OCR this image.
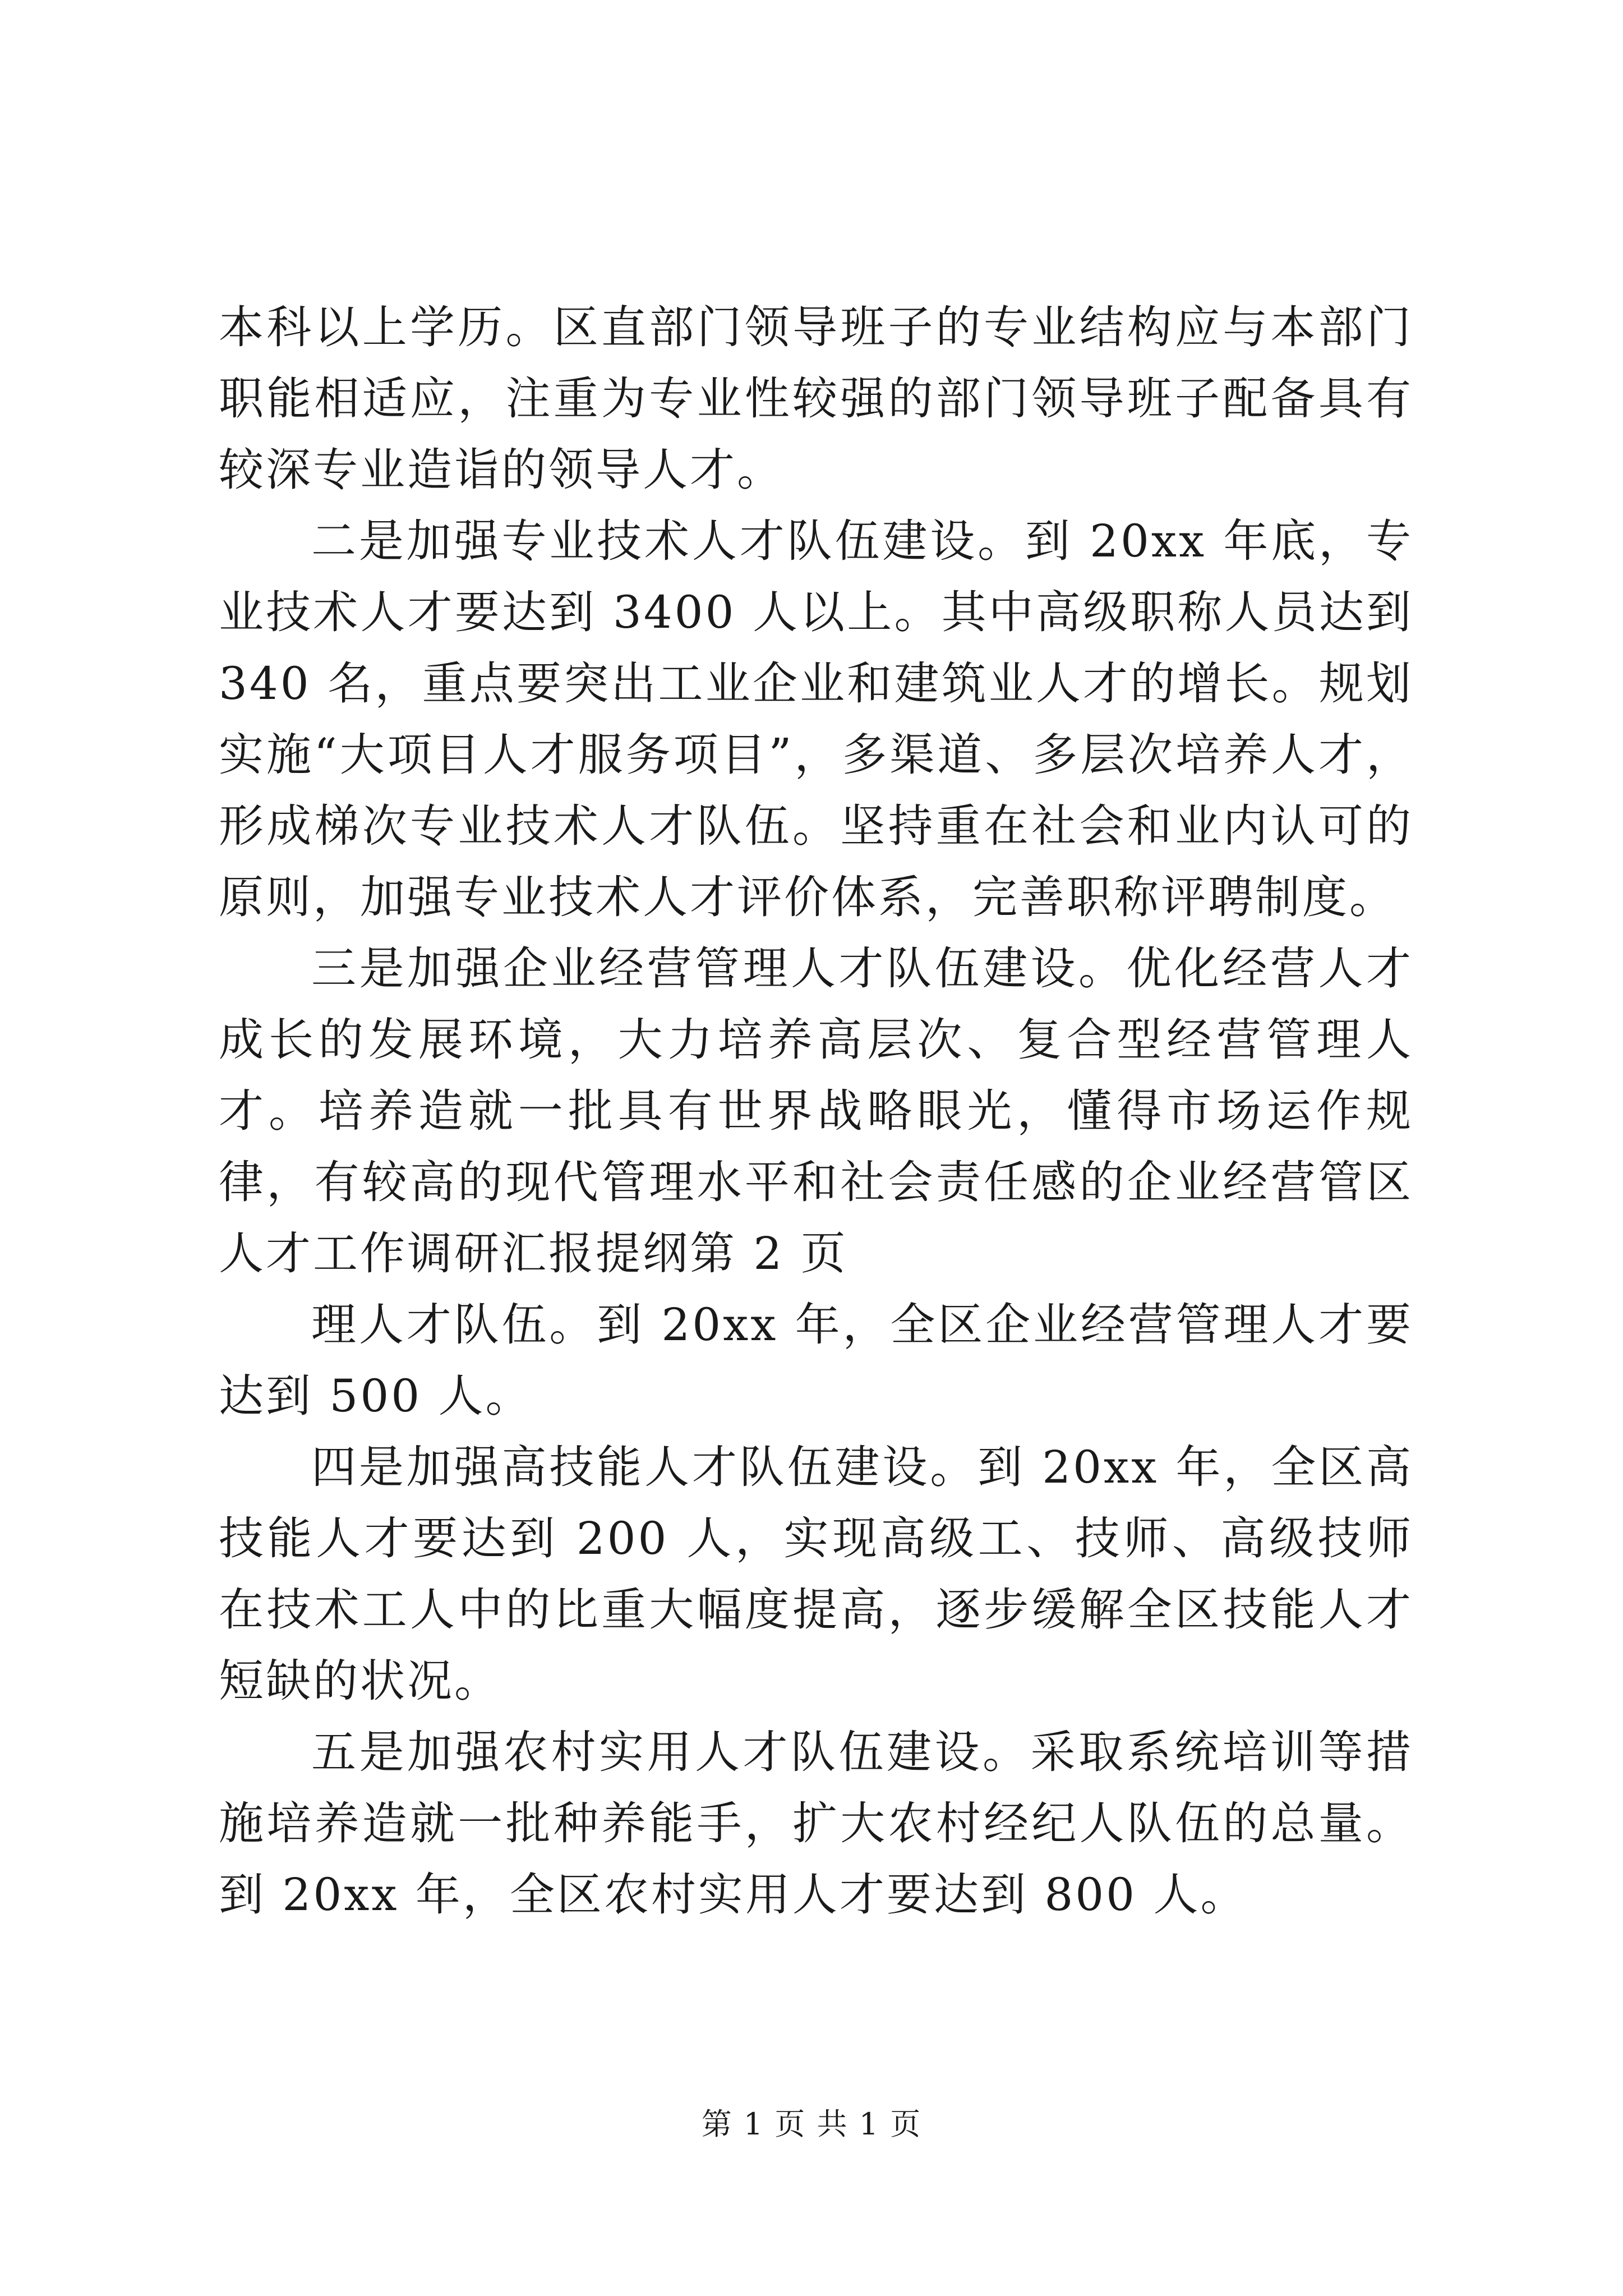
本科以上学历。区直部门领导班子的专业结构应与本部门职能相适应，注重为专业性较强的部门领导班子配备具有较深专业造诣的领导人才。

二是加强专业技术人才队伍建设。到 20xx 年底，专业技术人才要达到 3400 人以上。其中高级职称人员达到 340 名，重点要突出工业企业和建筑业人才的增长。规划实施“大项目人才服务项目”，多渠道、多层次培养人才，形成梯次专业技术人才队伍。坚持重在社会和业内认可的原则，加强专业技术人才评价体系，完善职称评聘制度。

三是加强企业经营管理人才队伍建设。优化经营人才成长的发展环境，大力培养高层次、复合型经营管理人才。培养造就一批具有世界战略眼光，懂得市场运作规律，有较高的现代管理水平和社会责任感的企业经营管区人才工作调研汇报提纲第 2 页

理人才队伍。到 20xx 年，全区企业经营管理人才要达到 500 人。

四是加强高技能人才队伍建设。到 20xx 年，全区高技能人才要达到 200 人，实现高级工、技师、高级技师在技术工人中的比重大幅度提高，逐步缓解全区技能人才短缺的状况。

五是加强农村实用人才队伍建设。采取系统培训等措施培养造就一批种养能手，扩大农村经纪人队伍的总量。到 20xx 年，全区农村实用人才要达到 800 人。

第 1 页 共 1 页
